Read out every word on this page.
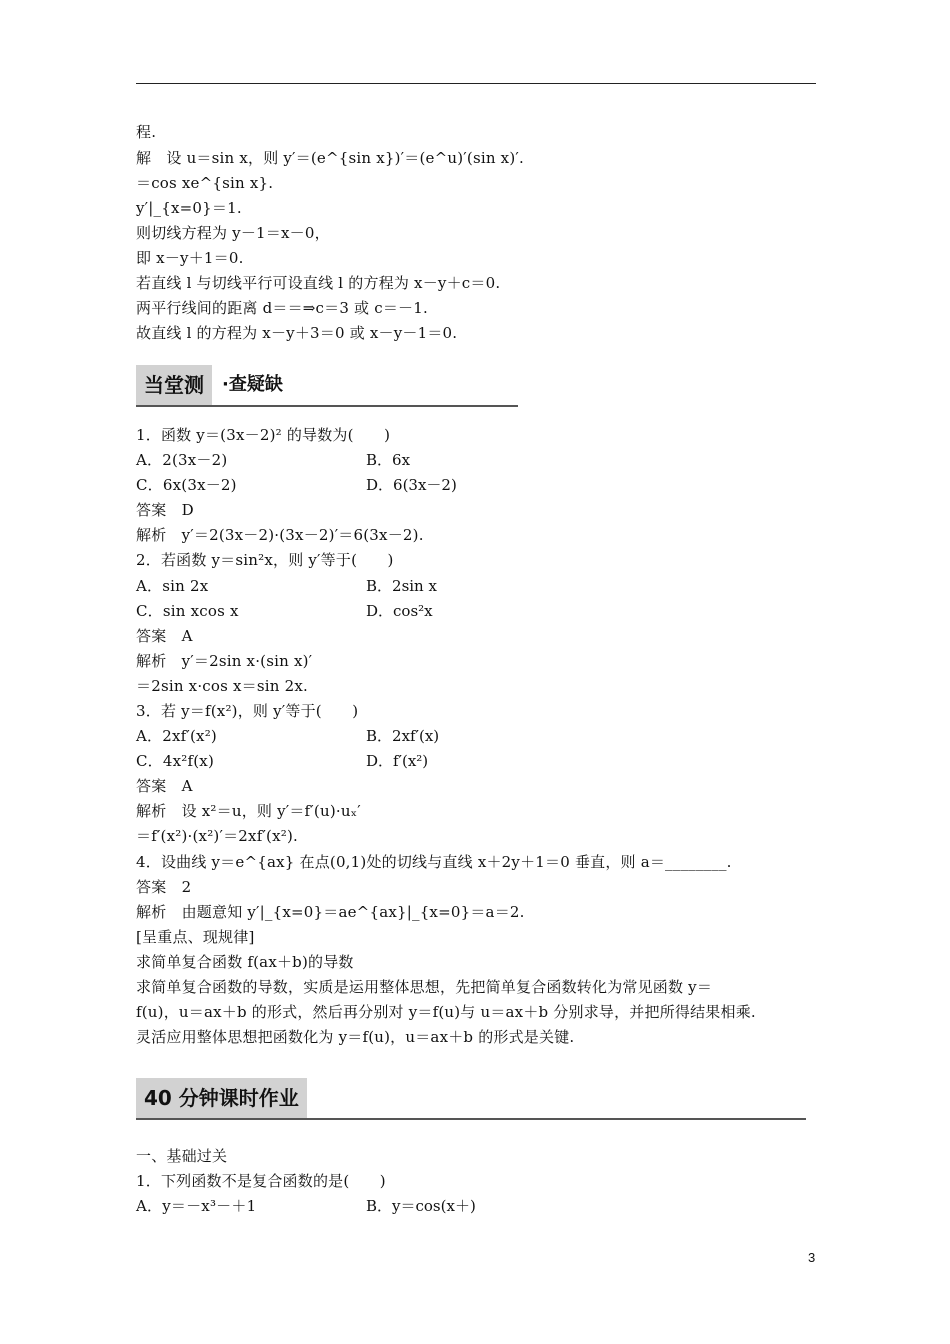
程.
解　设 u＝sin x，则 y′＝(e^{sin x})′＝(e^u)′(sin x)′.
＝cos xe^{sin x}.
y′|_{x=0}＝1.
则切线方程为 y－1＝x－0，
即 x－y＋1＝0.
若直线 l 与切线平行可设直线 l 的方程为 x－y＋c＝0.
两平行线间的距离 d＝＝⇒c＝3 或 c＝－1.
故直线 l 的方程为 x－y＋3＝0 或 x－y－1＝0.
当堂测	·查疑缺
1．函数 y＝(3x－2)² 的导数为(　　)
A．2(3x－2)	B．6x
C．6x(3x－2)	D．6(3x－2)
答案　D
解析　y′＝2(3x－2)·(3x－2)′＝6(3x－2).
2．若函数 y＝sin²x，则 y′等于(　　)
A．sin 2x	B．2sin x
C．sin xcos x	D．cos²x
答案　A
解析　y′＝2sin x·(sin x)′
＝2sin x·cos x＝sin 2x.
3．若 y＝f(x²)，则 y′等于(　　)
A．2xf′(x²)	B．2xf′(x)
C．4x²f(x)	D．f′(x²)
答案　A
解析　设 x²＝u，则 y′＝f′(u)·uₓ′
＝f′(x²)·(x²)′＝2xf′(x²).
4．设曲线 y＝e^{ax} 在点(0,1)处的切线与直线 x＋2y＋1＝0 垂直，则 a＝________.
答案　2
解析　由题意知 y′|_{x=0}＝ae^{ax}|_{x=0}＝a＝2.
[呈重点、现规律]
求简单复合函数 f(ax＋b)的导数
求简单复合函数的导数，实质是运用整体思想，先把简单复合函数转化为常见函数 y＝
f(u)，u＝ax＋b 的形式，然后再分别对 y＝f(u)与 u＝ax＋b 分别求导，并把所得结果相乘.
灵活应用整体思想把函数化为 y＝f(u)，u＝ax＋b 的形式是关键.
40 分钟课时作业
一、基础过关
1．下列函数不是复合函数的是(　　)
A．y＝－x³－＋1	B．y＝cos(x＋)
3
